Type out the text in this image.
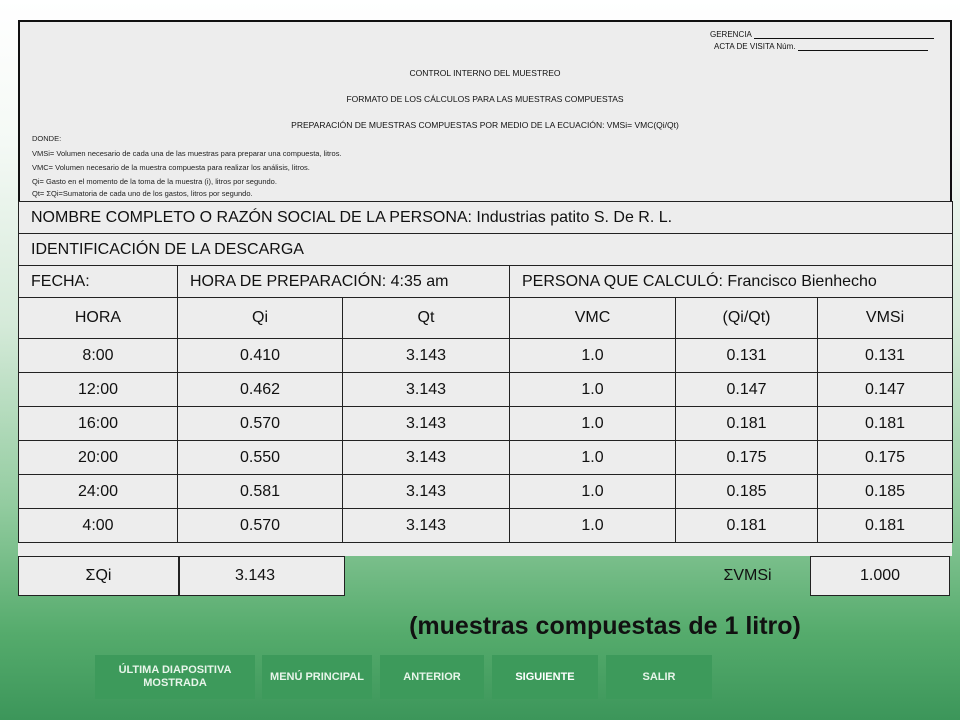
GERENCIA
ACTA DE VISITA Núm.
CONTROL INTERNO DEL MUESTREO
FORMATO DE LOS CÁLCULOS PARA LAS MUESTRAS COMPUESTAS
PREPARACIÓN DE MUESTRAS COMPUESTAS POR MEDIO DE LA ECUACIÓN: VMSi= VMC(Qi/Qt)
DONDE:
VMSi= Volumen necesario de cada una de las muestras para preparar una compuesta, litros.
VMC= Volumen necesario de la muestra compuesta para realizar los análisis, litros.
Qi= Gasto en el momento de la toma de la muestra (i), litros por segundo.
Qt= ΣQi=Sumatoria de cada uno de los gastos, litros por segundo.
NOMBRE COMPLETO O RAZÓN SOCIAL DE LA PERSONA: Industrias patito S. De R. L.					
IDENTIFICACIÓN DE LA DESCARGA					
FECHA:	HORA DE PREPARACIÓN: 4:35 am		PERSONA QUE CALCULÓ: Francisco Bienhecho		
HORA	Qi	Qt	VMC	(Qi/Qt)	VMSi
8:00	0.410	3.143	1.0	0.131	0.131
12:00	0.462	3.143	1.0	0.147	0.147
16:00	0.570	3.143	1.0	0.181	0.181
20:00	0.550	3.143	1.0	0.175	0.175
24:00	0.581	3.143	1.0	0.185	0.185
4:00	0.570	3.143	1.0	0.181	0.181
ΣQi	3.143	ΣVMSi	1.000
(muestras compuestas de 1 litro)
ÚLTIMA DIAPOSITIVA MOSTRADA
MENÚ PRINCIPAL	ANTERIOR	SIGUIENTE	SALIR
